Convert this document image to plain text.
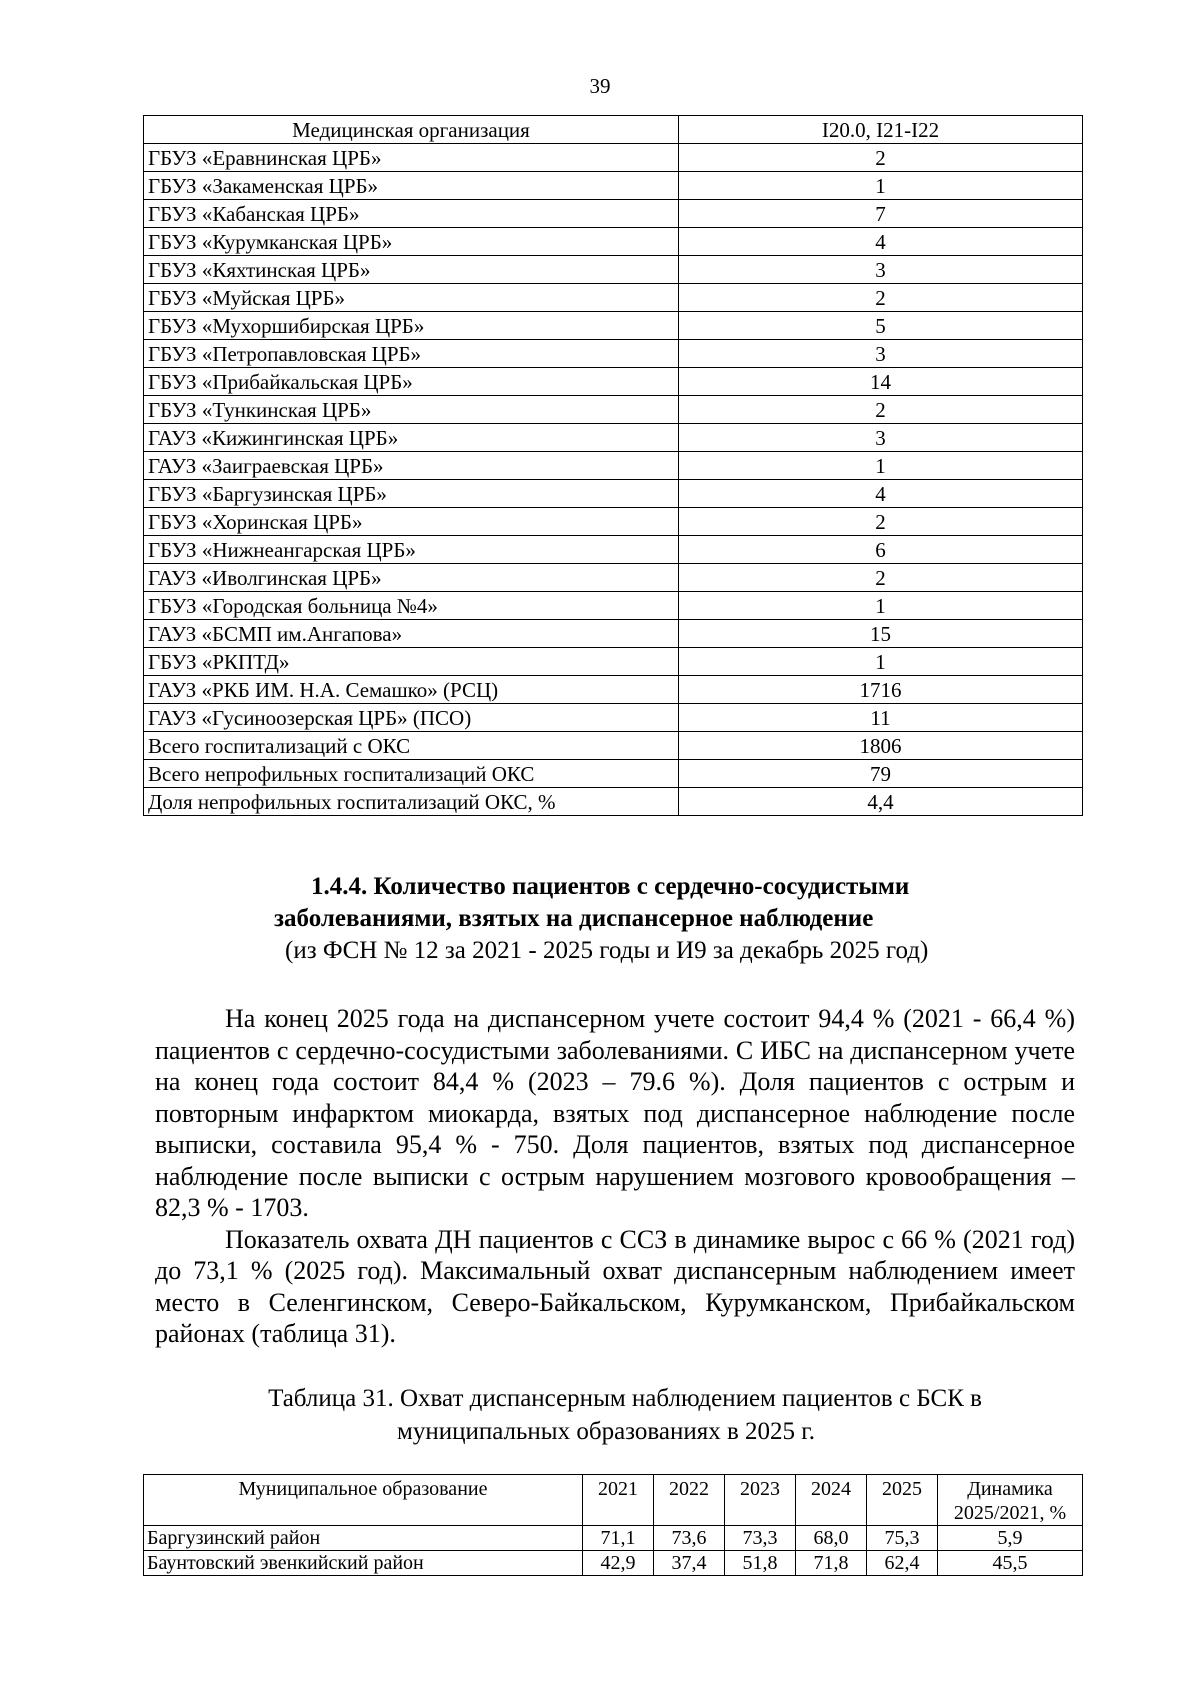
39
Медицинская организация	I20.0, I21-I22
ГБУЗ «Еравнинская ЦРБ»	2
ГБУЗ «Закаменская ЦРБ»	1
ГБУЗ «Кабанская ЦРБ»	7
ГБУЗ «Курумканская ЦРБ»	4
ГБУЗ «Кяхтинская ЦРБ»	3
ГБУЗ «Муйская ЦРБ»	2
ГБУЗ «Мухоршибирская ЦРБ»	5
ГБУЗ «Петропавловская ЦРБ»	3
ГБУЗ «Прибайкальская ЦРБ»	14
ГБУЗ «Тункинская ЦРБ»	2
ГАУЗ «Кижингинская ЦРБ»	3
ГАУЗ «Заиграевская ЦРБ»	1
ГБУЗ «Баргузинская ЦРБ»	4
ГБУЗ «Хоринская ЦРБ»	2
ГБУЗ «Нижнеангарская ЦРБ»	6
ГАУЗ «Иволгинская ЦРБ»	2
ГБУЗ «Городская больница №4»	1
ГАУЗ «БСМП им.Ангапова»	15
ГБУЗ «РКПТД»	1
ГАУЗ «РКБ ИМ. Н.А. Семашко» (РСЦ)	1716
ГАУЗ «Гусиноозерская ЦРБ» (ПСО)	11
Всего госпитализаций с ОКС	1806
Всего непрофильных госпитализаций ОКС	79
Доля непрофильных госпитализаций ОКС, %	4,4
1.4.4. Количество пациентов с сердечно-сосудистыми
заболеваниями, взятых на диспансерное наблюдение
(из ФСН № 12 за 2021 - 2025 годы и И9 за декабрь 2025 год)

На конец 2025 года на диспансерном учете состоит 94,4 % (2021 - 66,4 %) пациентов с сердечно-сосудистыми заболеваниями. С ИБС на диспансерном учете на конец года состоит 84,4 % (2023 – 79.6 %). Доля пациентов с острым и повторным инфарктом миокарда, взятых под диспансерное наблюдение после выписки, составила 95,4 % - 750. Доля пациентов, взятых под диспансерное наблюдение после выписки с острым нарушением мозгового кровообращения – 82,3 % - 1703.

Показатель охвата ДН пациентов с ССЗ в динамике вырос с 66 % (2021 год) до 73,1 % (2025 год). Максимальный охват диспансерным наблюдением имеет место в Селенгинском, Северо-Байкальском, Курумканском, Прибайкальском районах (таблица 31).

Таблица 31. Охват диспансерным наблюдением пациентов с БСК в
муниципальных образованиях в 2025 г.
Муниципальное образование	2021	2022	2023	2024	2025	Динамика 2025/2021, %
Баргузинский район	71,1	73,6	73,3	68,0	75,3	5,9
Баунтовский эвенкийский район	42,9	37,4	51,8	71,8	62,4	45,5
